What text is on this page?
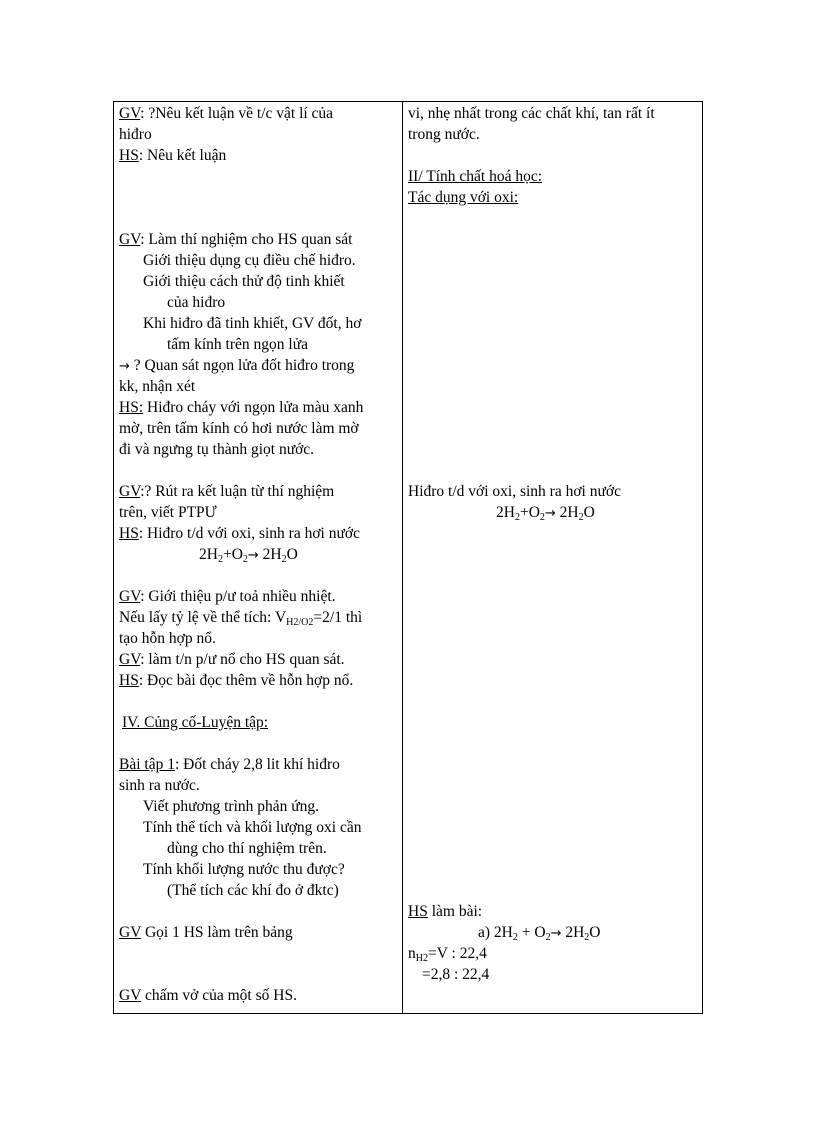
GV: ?Nêu kết luận về t/c vật lí của
hiđro
HS: Nêu kết luận
GV: Làm thí nghiệm cho HS quan sát
Giới thiệu dụng cụ điều chế hiđro.
Giới thiệu cách thử độ tinh khiết
của hiđro
Khi hiđro đã tinh khiết, GV đốt, hơ
tấm kính trên ngọn lửa
→ ? Quan sát ngọn lửa đốt hiđro trong
kk, nhận xét
HS: Hiđro cháy với ngọn lửa màu xanh
mờ, trên tấm kính có hơi nước làm mờ
đi và ngưng tụ thành giọt nước.
GV:? Rút ra kết luận từ thí nghiệm
trên, viết PTPƯ
HS: Hiđro t/d với oxi, sinh ra hơi nước
$2H_2+O_2\to 2H_2O$
GV: Giới thiệu p/ư toả nhiều nhiệt.
Nếu lấy tỷ lệ về thể tích: $V_{H2/O2}=2/1$ thì
tạo hỗn hợp nổ.
GV: làm t/n p/ư nổ cho HS quan sát.
HS: Đọc bài đọc thêm về hỗn hợp nổ.
IV. Củng cố-Luyện tập:
Bài tập 1: Đốt cháy 2,8 lit khí hiđro
sinh ra nước.
Viết phương trình phản ứng.
Tính thể tích và khối lượng oxi cần
dùng cho thí nghiệm trên.
Tính khối lượng nước thu được?
(Thể tích các khí đo ở đktc)
GV Gọi 1 HS làm trên bảng
GV chấm vở của một số HS.
vi, nhẹ nhất trong các chất khí, tan rất ít
trong nước.
II/ Tính chất hoá học:
Tác dụng với oxi:
Hiđro t/d với oxi, sinh ra hơi nước
$2H_2+O_2\to 2H_2O$
HS làm bài:
a) $2H_2 + O_2\to 2H_2O$
$n_{H2}=V$ : 22,4
=2,8 : 22,4
